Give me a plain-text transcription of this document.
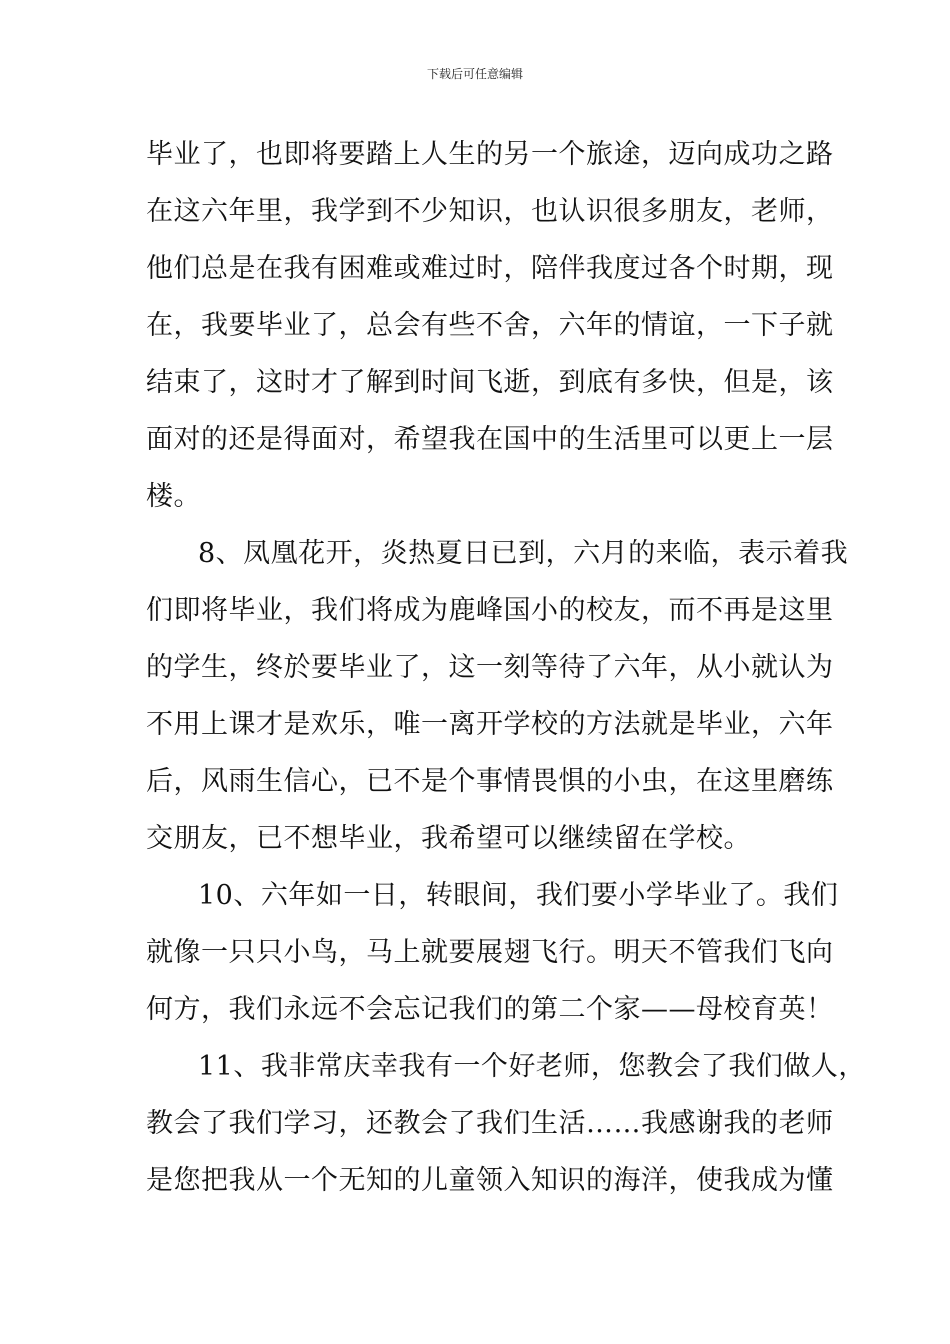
下载后可任意编辑
毕业了，也即将要踏上人生的另一个旅途，迈向成功之路
在这六年里，我学到不少知识，也认识很多朋友，老师，
他们总是在我有困难或难过时，陪伴我度过各个时期，现
在，我要毕业了，总会有些不舍，六年的情谊，一下子就
结束了，这时才了解到时间飞逝，到底有多快，但是，该
面对的还是得面对，希望我在国中的生活里可以更上一层
楼。
8、凤凰花开，炎热夏日已到，六月的来临，表示着我
们即将毕业，我们将成为鹿峰国小的校友，而不再是这里
的学生，终於要毕业了，这一刻等待了六年，从小就认为
不用上课才是欢乐，唯一离开学校的方法就是毕业，六年
后，风雨生信心，已不是个事情畏惧的小虫，在这里磨练
交朋友，已不想毕业，我希望可以继续留在学校。
10、六年如一日，转眼间，我们要小学毕业了。我们
就像一只只小鸟，马上就要展翅飞行。明天不管我们飞向
何方，我们永远不会忘记我们的第二个家——母校育英！
11、我非常庆幸我有一个好老师，您教会了我们做人，
教会了我们学习，还教会了我们生活……我感谢我的老师
是您把我从一个无知的儿童领入知识的海洋，使我成为懂
